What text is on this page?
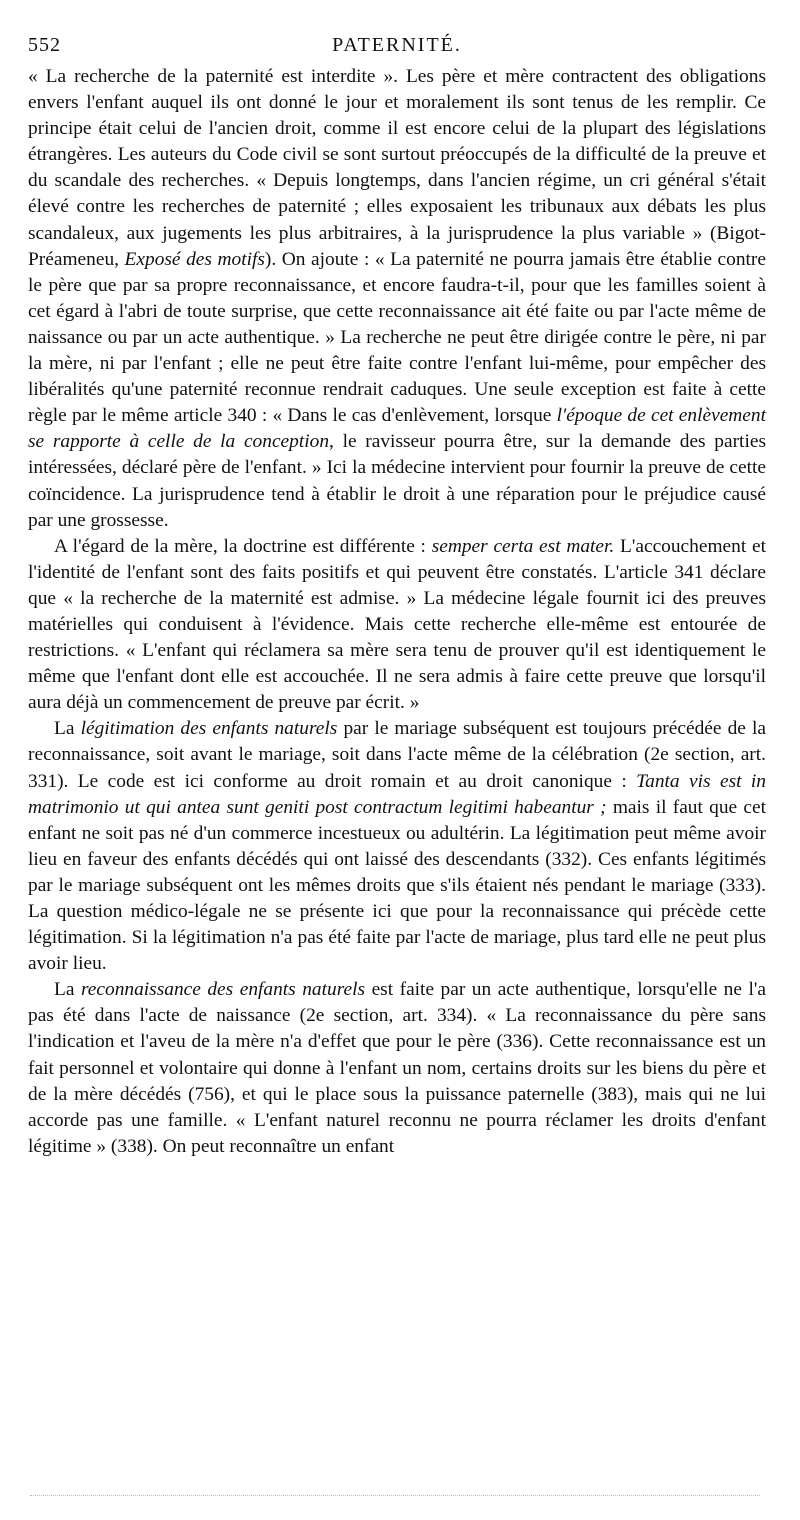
552	PATERNITÉ.

« La recherche de la paternité est interdite ». Les père et mère contractent des obligations envers l'enfant auquel ils ont donné le jour et moralement ils sont tenus de les remplir. Ce principe était celui de l'ancien droit, comme il est encore celui de la plupart des législations étrangères. Les auteurs du Code civil se sont surtout préoccupés de la difficulté de la preuve et du scandale des recherches. « Depuis longtemps, dans l'ancien régime, un cri général s'était élevé contre les recherches de paternité ; elles exposaient les tribunaux aux débats les plus scandaleux, aux jugements les plus arbitraires, à la jurisprudence la plus variable » (Bigot-Préameneu, Exposé des motifs). On ajoute : « La paternité ne pourra jamais être établie contre le père que par sa propre reconnaissance, et encore faudra-t-il, pour que les familles soient à cet égard à l'abri de toute surprise, que cette reconnaissance ait été faite ou par l'acte même de naissance ou par un acte authentique. » La recherche ne peut être dirigée contre le père, ni par la mère, ni par l'enfant ; elle ne peut être faite contre l'enfant lui-même, pour empêcher des libéralités qu'une paternité reconnue rendrait caduques. Une seule exception est faite à cette règle par le même article 340 : « Dans le cas d'enlèvement, lorsque l'époque de cet enlèvement se rapporte à celle de la conception, le ravisseur pourra être, sur la demande des parties intéressées, déclaré père de l'enfant. » Ici la médecine intervient pour fournir la preuve de cette coïncidence. La jurisprudence tend à établir le droit à une réparation pour le préjudice causé par une grossesse.

A l'égard de la mère, la doctrine est différente : semper certa est mater. L'accouchement et l'identité de l'enfant sont des faits positifs et qui peuvent être constatés. L'article 341 déclare que « la recherche de la maternité est admise. » La médecine légale fournit ici des preuves matérielles qui conduisent à l'évidence. Mais cette recherche elle-même est entourée de restrictions. « L'enfant qui réclamera sa mère sera tenu de prouver qu'il est identiquement le même que l'enfant dont elle est accouchée. Il ne sera admis à faire cette preuve que lorsqu'il aura déjà un commencement de preuve par écrit. »

La légitimation des enfants naturels par le mariage subséquent est toujours précédée de la reconnaissance, soit avant le mariage, soit dans l'acte même de la célébration (2e section, art. 331). Le code est ici conforme au droit romain et au droit canonique : Tanta vis est in matrimonio ut qui antea sunt geniti post contractum legitimi habeantur ; mais il faut que cet enfant ne soit pas né d'un commerce incestueux ou adultérin. La légitimation peut même avoir lieu en faveur des enfants décédés qui ont laissé des descendants (332). Ces enfants légitimés par le mariage subséquent ont les mêmes droits que s'ils étaient nés pendant le mariage (333). La question médico-légale ne se présente ici que pour la reconnaissance qui précède cette légitimation. Si la légitimation n'a pas été faite par l'acte de mariage, plus tard elle ne peut plus avoir lieu.

La reconnaissance des enfants naturels est faite par un acte authentique, lorsqu'elle ne l'a pas été dans l'acte de naissance (2e section, art. 334). « La reconnaissance du père sans l'indication et l'aveu de la mère n'a d'effet que pour le père (336). Cette reconnaissance est un fait personnel et volontaire qui donne à l'enfant un nom, certains droits sur les biens du père et de la mère décédés (756), et qui le place sous la puissance paternelle (383), mais qui ne lui accorde pas une famille. « L'enfant naturel reconnu ne pourra réclamer les droits d'enfant légitime » (338). On peut reconnaître un enfant
